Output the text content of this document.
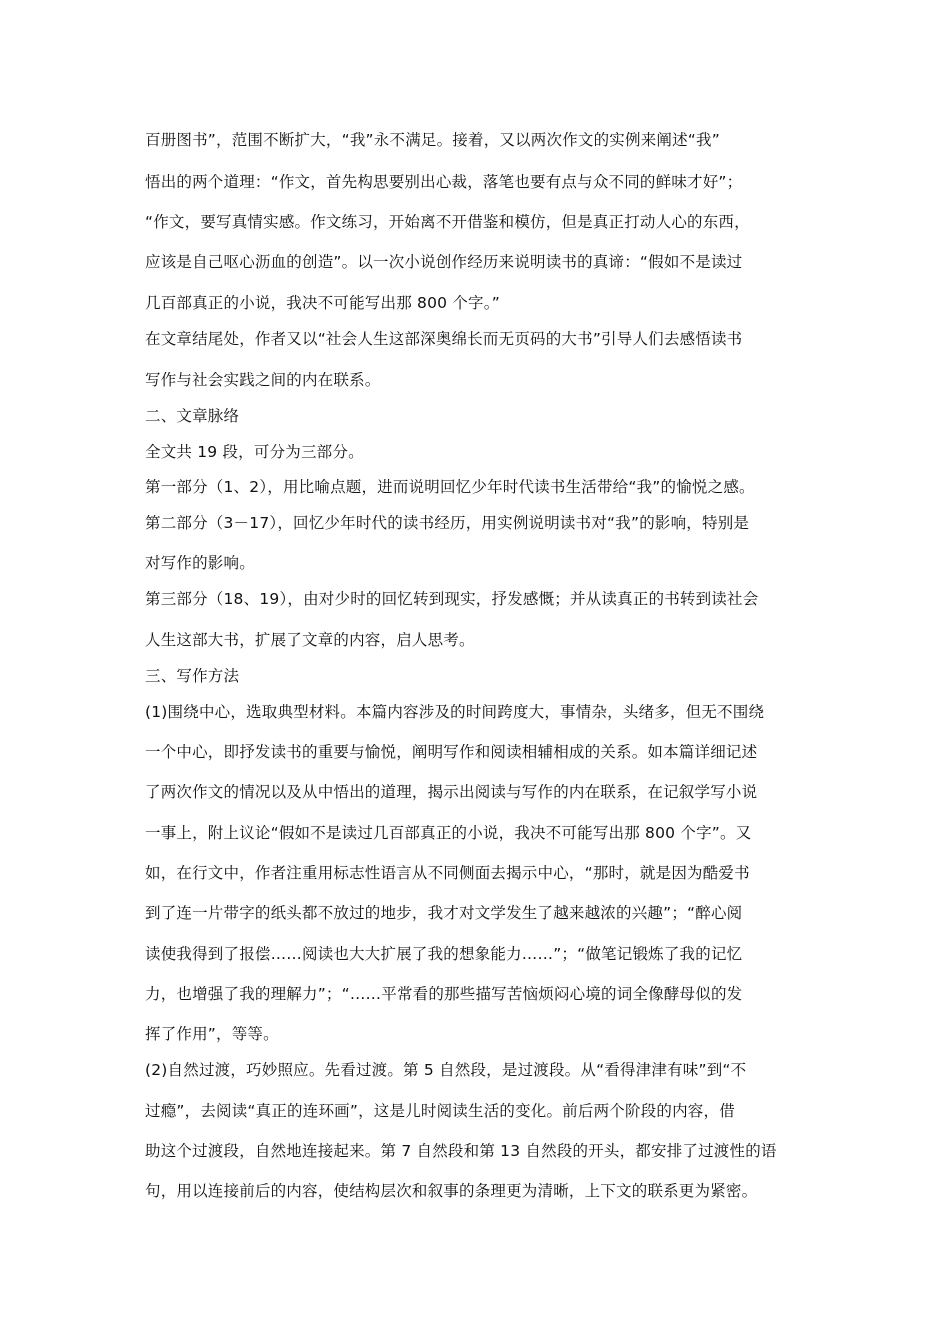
百册图书”，范围不断扩大，“我”永不满足。接着，又以两次作文的实例来阐述“我”
悟出的两个道理：“作文，首先构思要别出心裁，落笔也要有点与众不同的鲜味才好”；
“作文，要写真情实感。作文练习，开始离不开借鉴和模仿，但是真正打动人心的东西，
应该是自己呕心沥血的创造”。以一次小说创作经历来说明读书的真谛：“假如不是读过
几百部真正的小说，我决不可能写出那 800 个字。”
在文章结尾处，作者又以“社会人生这部深奥绵长而无页码的大书”引导人们去感悟读书
写作与社会实践之间的内在联系。
二、文章脉络
全文共 19 段，可分为三部分。
第一部分（1、2），用比喻点题，进而说明回忆少年时代读书生活带给“我”的愉悦之感。
第二部分（3－17），回忆少年时代的读书经历，用实例说明读书对“我”的影响，特别是
对写作的影响。
第三部分（18、19），由对少时的回忆转到现实，抒发感慨；并从读真正的书转到读社会
人生这部大书，扩展了文章的内容，启人思考。
三、写作方法
(1)围绕中心，选取典型材料。本篇内容涉及的时间跨度大，事情杂，头绪多，但无不围绕
一个中心，即抒发读书的重要与愉悦，阐明写作和阅读相辅相成的关系。如本篇详细记述
了两次作文的情况以及从中悟出的道理，揭示出阅读与写作的内在联系，在记叙学写小说
一事上，附上议论“假如不是读过几百部真正的小说，我决不可能写出那 800 个字”。又
如，在行文中，作者注重用标志性语言从不同侧面去揭示中心，“那时，就是因为酷爱书
到了连一片带字的纸头都不放过的地步，我才对文学发生了越来越浓的兴趣”；“醉心阅
读使我得到了报偿……阅读也大大扩展了我的想象能力……”；“做笔记锻炼了我的记忆
力，也增强了我的理解力”；“……平常看的那些描写苦恼烦闷心境的词全像酵母似的发
挥了作用”，等等。
(2)自然过渡，巧妙照应。先看过渡。第 5 自然段，是过渡段。从“看得津津有味”到“不
过瘾”，去阅读“真正的连环画”，这是儿时阅读生活的变化。前后两个阶段的内容，借
助这个过渡段，自然地连接起来。第 7 自然段和第 13 自然段的开头，都安排了过渡性的语
句，用以连接前后的内容，使结构层次和叙事的条理更为清晰，上下文的联系更为紧密。
